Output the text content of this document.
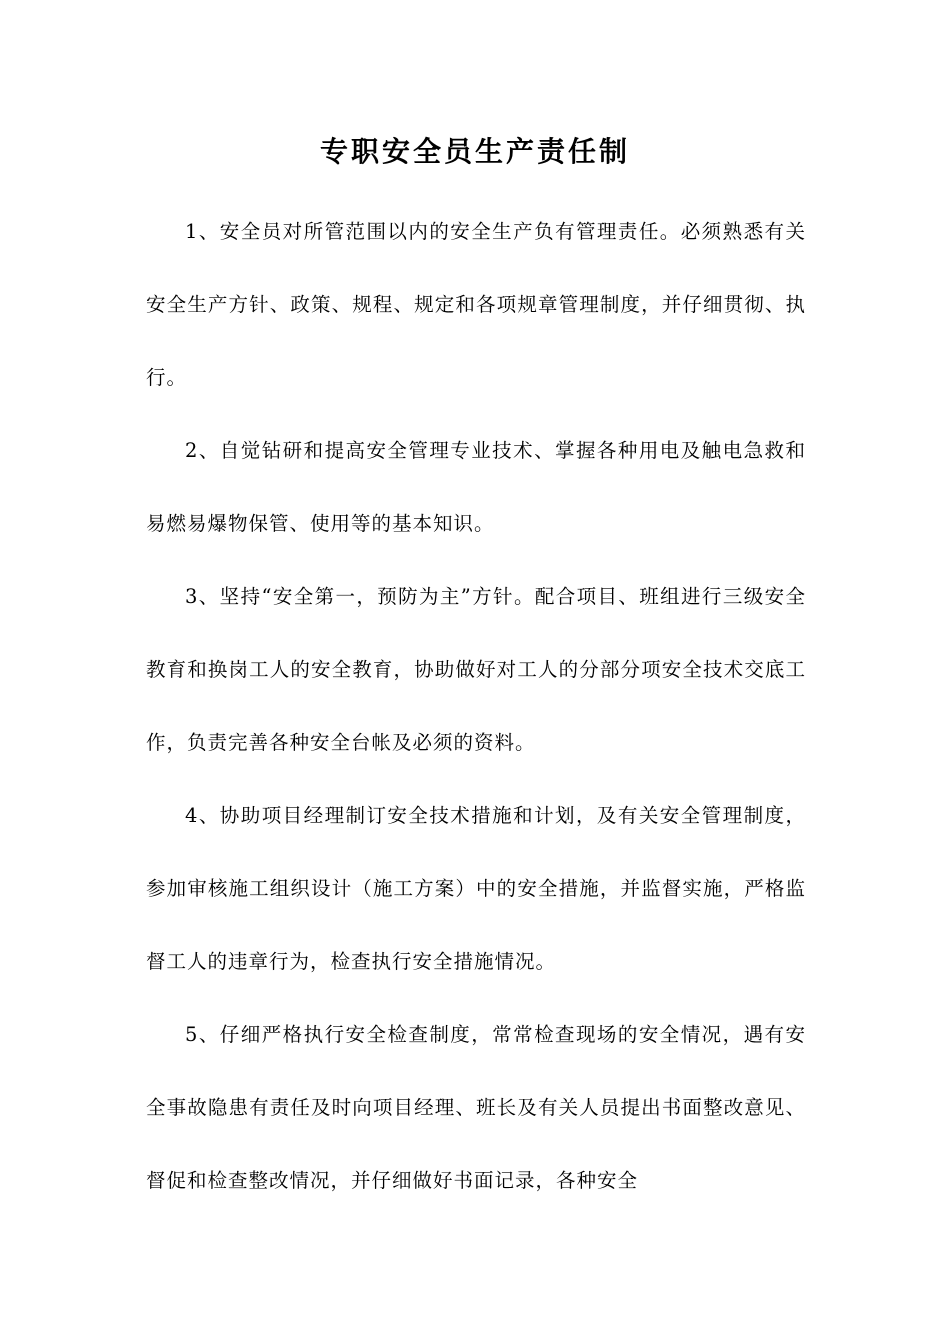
专职安全员生产责任制

1、安全员对所管范围以内的安全生产负有管理责任。必须熟悉有关安全生产方针、政策、规程、规定和各项规章管理制度，并仔细贯彻、执行。

2、自觉钻研和提高安全管理专业技术、掌握各种用电及触电急救和易燃易爆物保管、使用等的基本知识。

3、坚持“安全第一，预防为主”方针。配合项目、班组进行三级安全教育和换岗工人的安全教育，协助做好对工人的分部分项安全技术交底工作，负责完善各种安全台帐及必须的资料。

4、协助项目经理制订安全技术措施和计划，及有关安全管理制度，参加审核施工组织设计（施工方案）中的安全措施，并监督实施，严格监督工人的违章行为，检查执行安全措施情况。

5、仔细严格执行安全检查制度，常常检查现场的安全情况，遇有安全事故隐患有责任及时向项目经理、班长及有关人员提出书面整改意见、督促和检查整改情况，并仔细做好书面记录，各种安全
